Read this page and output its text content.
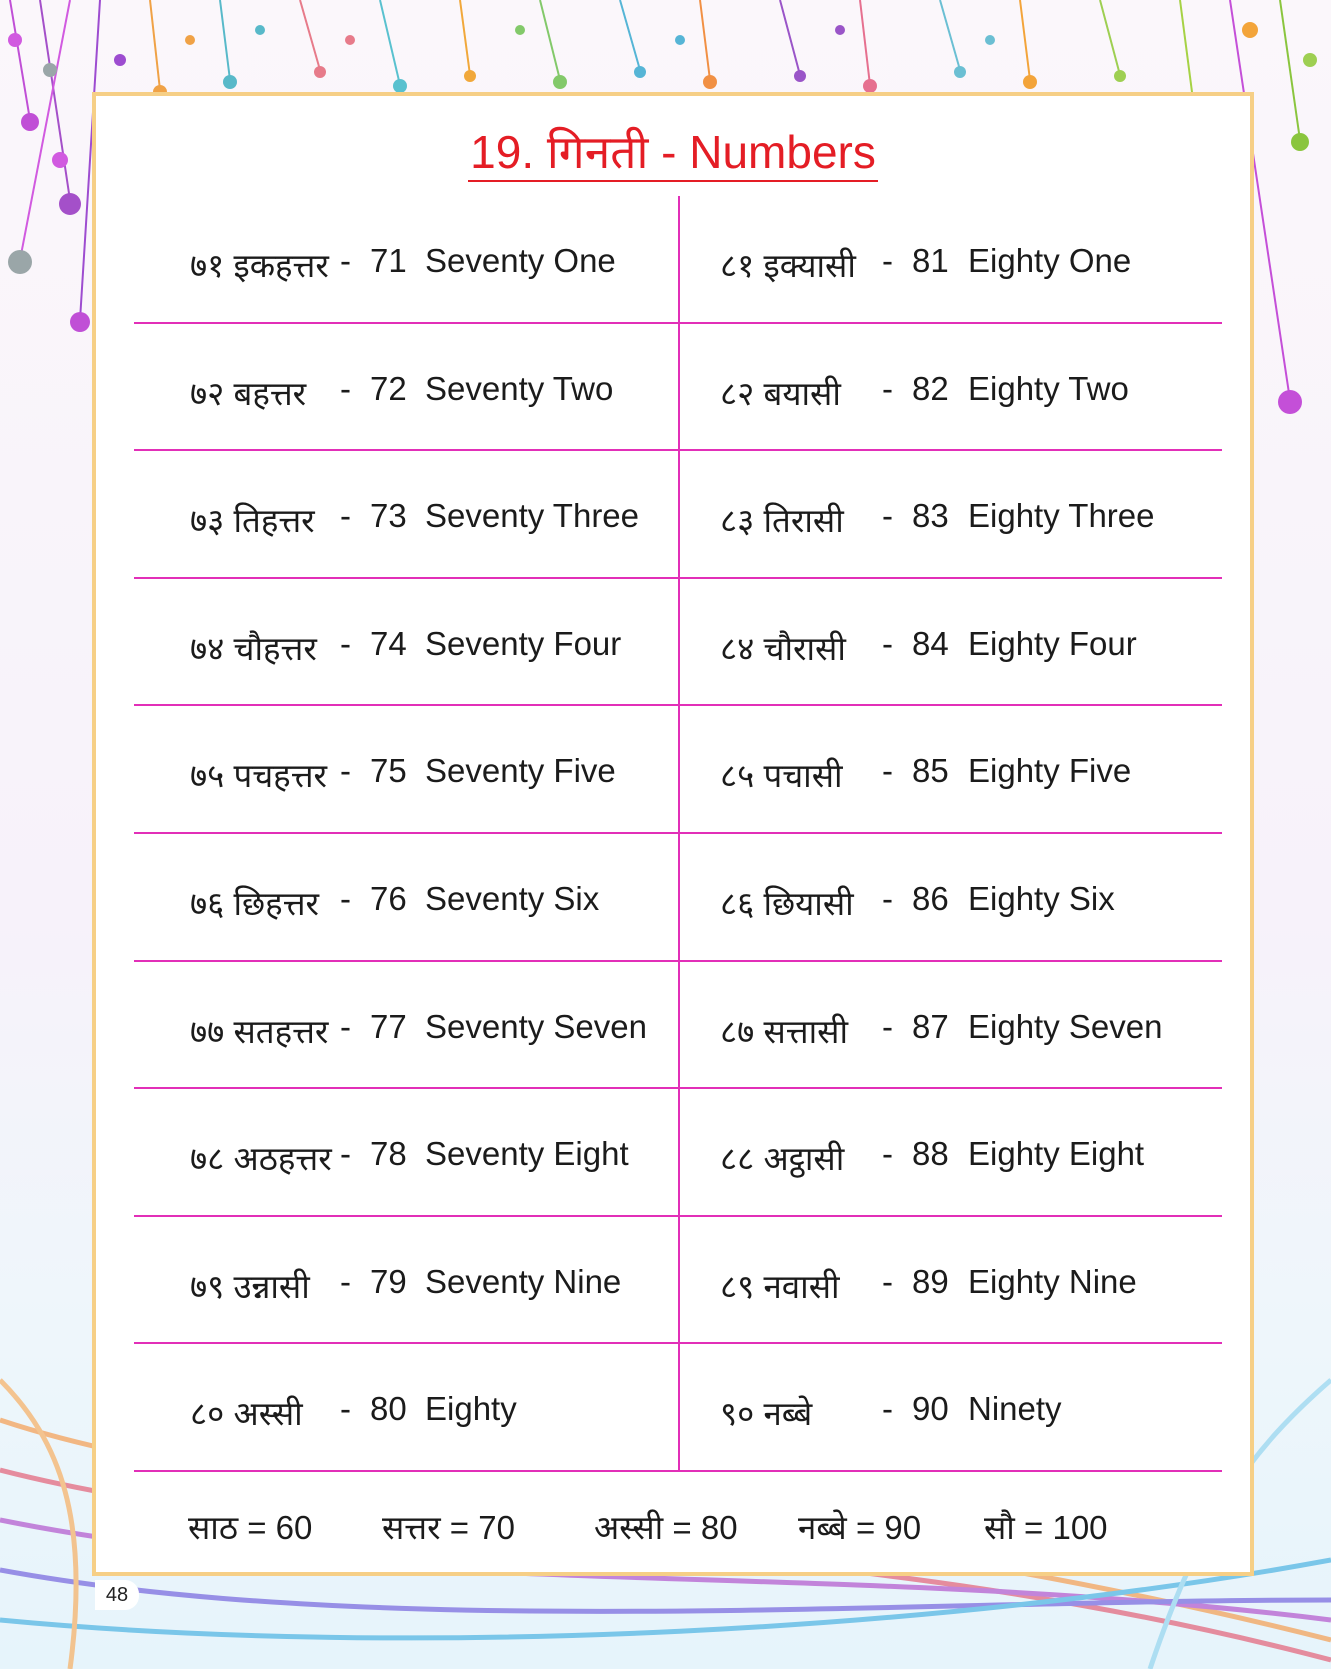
19. गिनती - Numbers
७१ इकहत्तर - 71 Seventy One	८१ इक्यासी - 81 Eighty One
७२ बहत्तर - 72 Seventy Two	८२ बयासी - 82 Eighty Two
७३ तिहत्तर - 73 Seventy Three ८३ तिरासी - 83 Eighty Three
७४ चौहत्तर - 74 Seventy Four	८४ चौरासी - 84 Eighty Four
७५ पचहत्तर - 75 Seventy Five	८५ पचासी - 85 Eighty Five
७६ छिहत्तर - 76 Seventy Six	८६ छियासी - 86 Eighty Six
७७ सतहत्तर - 77 Seventy Seven ८७ सत्तासी - 87 Eighty Seven
७८ अठहत्तर - 78 Seventy Eight	८८ अट्ठासी - 88 Eighty Eight
७९ उन्नासी - 79 Seventy Nine	८९ नवासी - 89 Eighty Nine
८० अस्सी - 80 Eighty	९० नब्बे - 90 Ninety
साठ = 60 सत्तर = 70 अस्सी = 80 नब्बे = 90 सौ = 100
48
